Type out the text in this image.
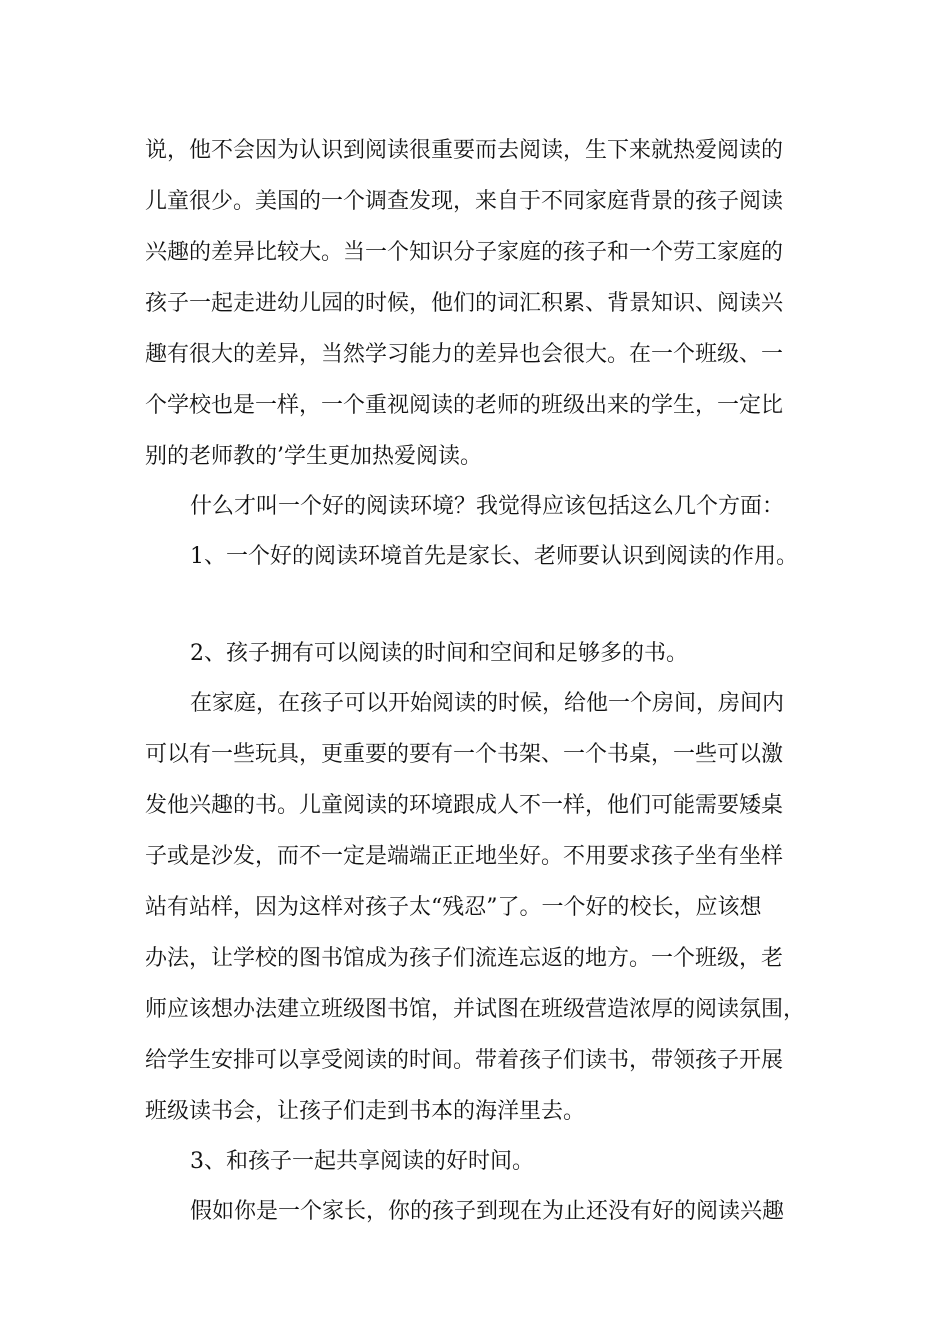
说，他不会因为认识到阅读很重要而去阅读，生下来就热爱阅读的
儿童很少。美国的一个调查发现，来自于不同家庭背景的孩子阅读
兴趣的差异比较大。当一个知识分子家庭的孩子和一个劳工家庭的
孩子一起走进幼儿园的时候，他们的词汇积累、背景知识、阅读兴
趣有很大的差异，当然学习能力的差异也会很大。在一个班级、一
个学校也是一样，一个重视阅读的老师的班级出来的学生，一定比
别的老师教的’学生更加热爱阅读。
什么才叫一个好的阅读环境？我觉得应该包括这么几个方面：
1、一个好的阅读环境首先是家长、老师要认识到阅读的作用。
2、孩子拥有可以阅读的时间和空间和足够多的书。
在家庭，在孩子可以开始阅读的时候，给他一个房间，房间内
可以有一些玩具，更重要的要有一个书架、一个书桌，一些可以激
发他兴趣的书。儿童阅读的环境跟成人不一样，他们可能需要矮桌
子或是沙发，而不一定是端端正正地坐好。不用要求孩子坐有坐样
站有站样，因为这样对孩子太“残忍”了。一个好的校长，应该想
办法，让学校的图书馆成为孩子们流连忘返的地方。一个班级，老
师应该想办法建立班级图书馆，并试图在班级营造浓厚的阅读氛围，
给学生安排可以享受阅读的时间。带着孩子们读书，带领孩子开展
班级读书会，让孩子们走到书本的海洋里去。
3、和孩子一起共享阅读的好时间。
假如你是一个家长，你的孩子到现在为止还没有好的阅读兴趣
